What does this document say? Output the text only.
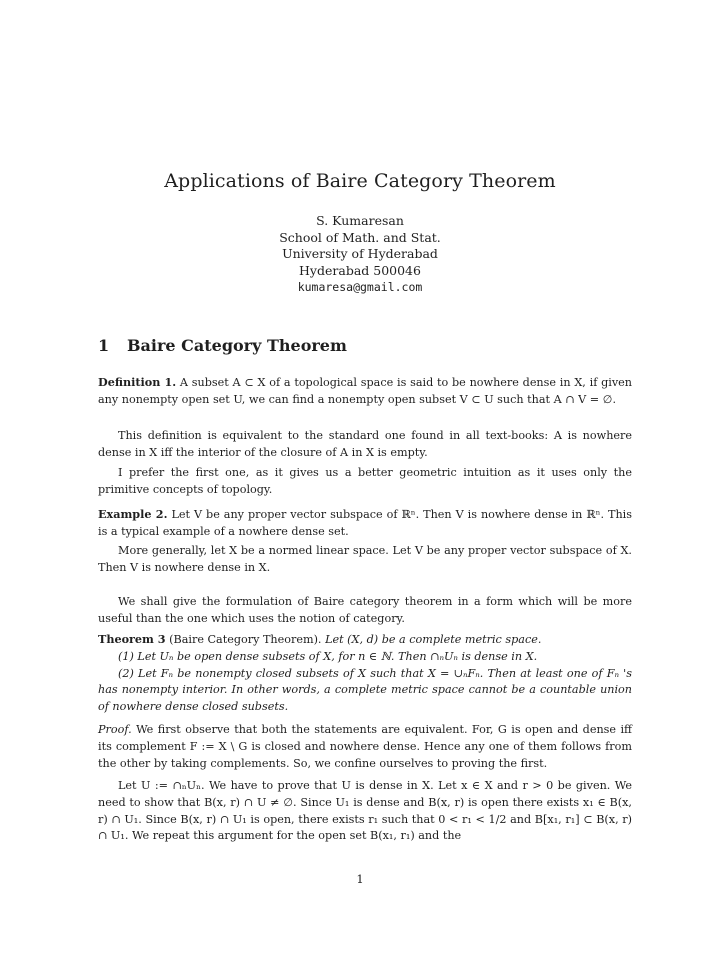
Applications of Baire Category Theorem
S. Kumaresan
School of Math. and Stat.
University of Hyderabad
Hyderabad 500046
kumaresa@gmail.com
1 Baire Category Theorem

Definition 1. A subset A ⊂ X of a topological space is said to be nowhere dense in X, if given any nonempty open set U, we can find a nonempty open subset V ⊂ U such that A ∩ V = ∅.

This definition is equivalent to the standard one found in all text-books: A is nowhere dense in X iff the interior of the closure of A in X is empty.

I prefer the first one, as it gives us a better geometric intuition as it uses only the primitive concepts of topology.

Example 2. Let V be any proper vector subspace of ℝⁿ. Then V is nowhere dense in ℝⁿ. This is a typical example of a nowhere dense set.

More generally, let X be a normed linear space. Let V be any proper vector subspace of X. Then V is nowhere dense in X.

We shall give the formulation of Baire category theorem in a form which will be more useful than the one which uses the notion of category.

Theorem 3 (Baire Category Theorem). Let (X, d) be a complete metric space.

(1) Let Uₙ be open dense subsets of X, for n ∈ ℕ. Then ∩ₙUₙ is dense in X.

(2) Let Fₙ be nonempty closed subsets of X such that X = ∪ₙFₙ. Then at least one of Fₙ 's has nonempty interior. In other words, a complete metric space cannot be a countable union of nowhere dense closed subsets.

Proof. We first observe that both the statements are equivalent. For, G is open and dense iff its complement F := X \ G is closed and nowhere dense. Hence any one of them follows from the other by taking complements. So, we confine ourselves to proving the first.

Let U := ∩ₙUₙ. We have to prove that U is dense in X. Let x ∈ X and r > 0 be given. We need to show that B(x, r) ∩ U ≠ ∅. Since U₁ is dense and B(x, r) is open there exists x₁ ∈ B(x, r) ∩ U₁. Since B(x, r) ∩ U₁ is open, there exists r₁ such that 0 < r₁ < 1/2 and B[x₁, r₁] ⊂ B(x, r) ∩ U₁. We repeat this argument for the open set B(x₁, r₁) and the

1
